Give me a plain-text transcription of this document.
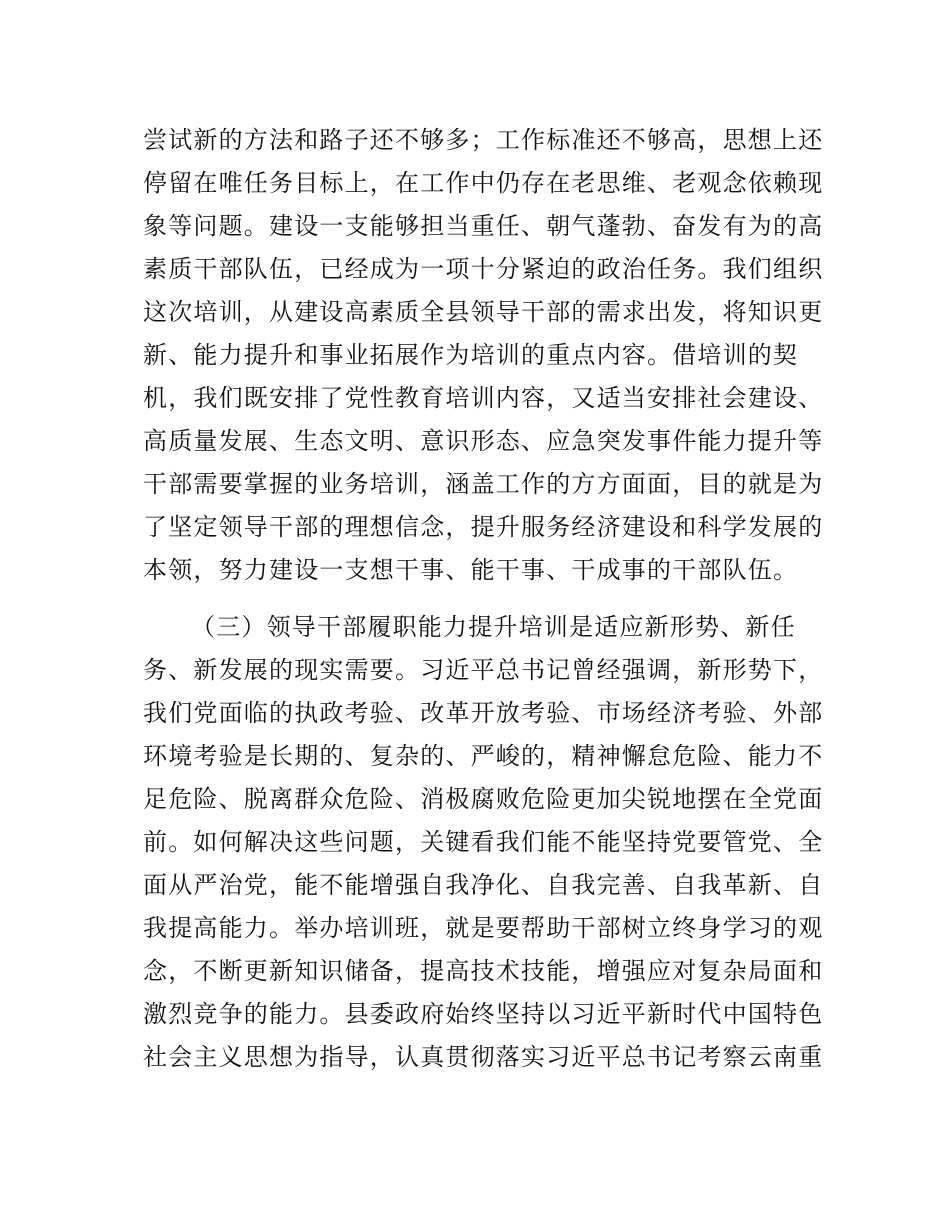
尝试新的方法和路子还不够多；工作标准还不够高，思想上还
停留在唯任务目标上，在工作中仍存在老思维、老观念依赖现
象等问题。建设一支能够担当重任、朝气蓬勃、奋发有为的高
素质干部队伍，已经成为一项十分紧迫的政治任务。我们组织
这次培训，从建设高素质全县领导干部的需求出发，将知识更
新、能力提升和事业拓展作为培训的重点内容。借培训的契
机，我们既安排了党性教育培训内容，又适当安排社会建设、
高质量发展、生态文明、意识形态、应急突发事件能力提升等
干部需要掌握的业务培训，涵盖工作的方方面面，目的就是为
了坚定领导干部的理想信念，提升服务经济建设和科学发展的
本领，努力建设一支想干事、能干事、干成事的干部队伍。
（三）领导干部履职能力提升培训是适应新形势、新任
务、新发展的现实需要。习近平总书记曾经强调，新形势下，
我们党面临的执政考验、改革开放考验、市场经济考验、外部
环境考验是长期的、复杂的、严峻的，精神懈怠危险、能力不
足危险、脱离群众危险、消极腐败危险更加尖锐地摆在全党面
前。如何解决这些问题，关键看我们能不能坚持党要管党、全
面从严治党，能不能增强自我净化、自我完善、自我革新、自
我提高能力。举办培训班，就是要帮助干部树立终身学习的观
念，不断更新知识储备，提高技术技能，增强应对复杂局面和
激烈竞争的能力。县委政府始终坚持以习近平新时代中国特色
社会主义思想为指导，认真贯彻落实习近平总书记考察云南重
